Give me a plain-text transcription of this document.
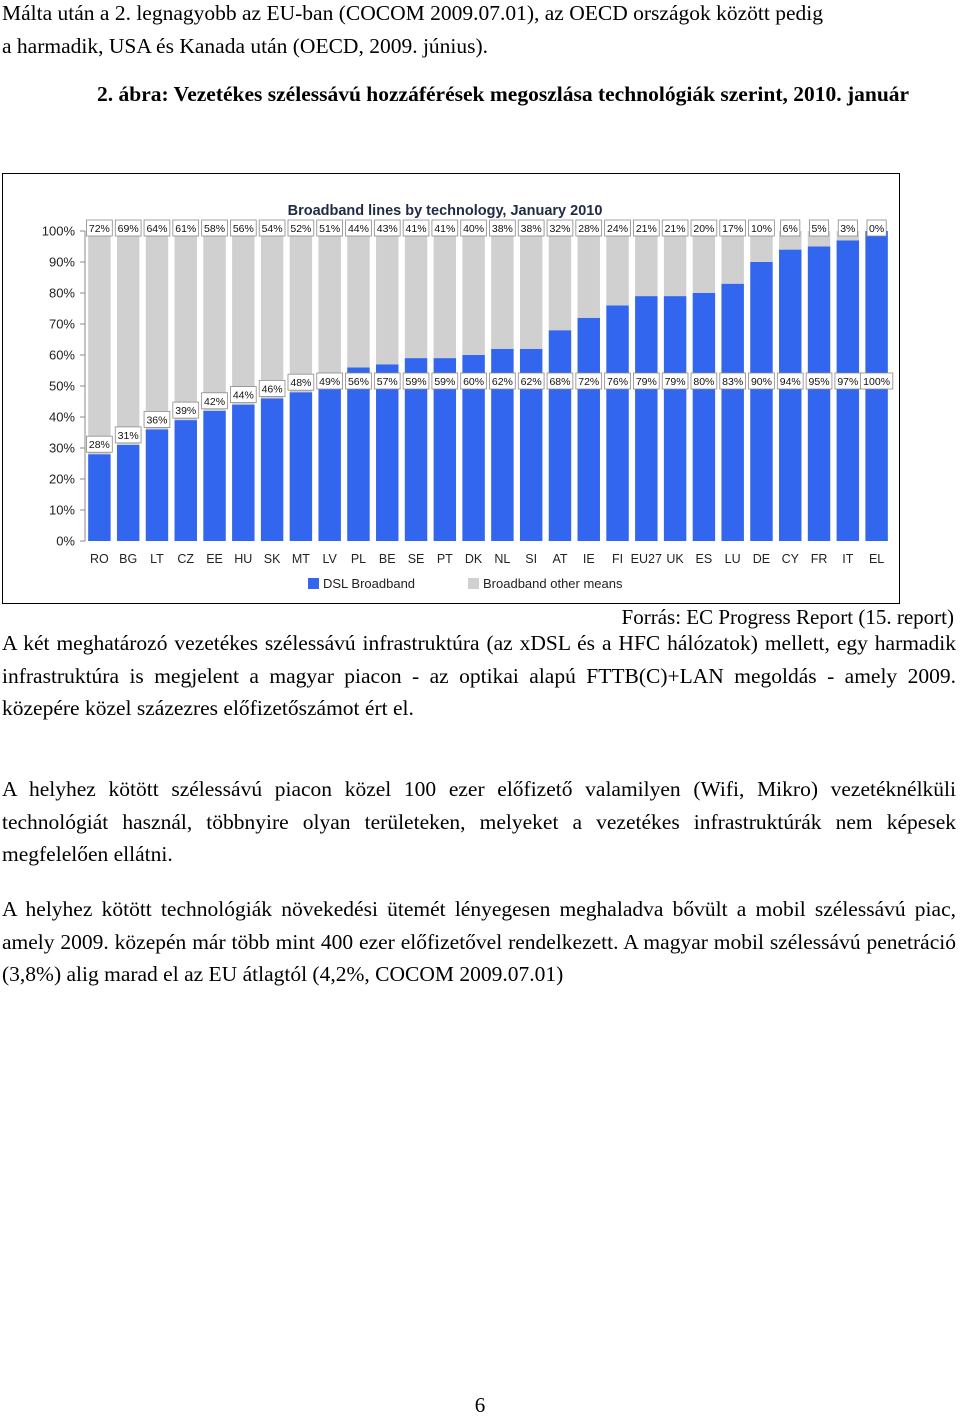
Málta után a 2. legnagyobb az EU-ban (COCOM 2009.07.01), az OECD országok között pedig
a harmadik, USA és Kanada után (OECD, 2009. június).
2. ábra: Vezetékes szélessávú hozzáférések megoszlása technológiák szerint, 2010. január
Broadband lines by technology, January 2010
0%
10%
20%
30%
40%
50%
60%
70%
80%
90%
100%
28%
72%
RO
31%
69%
BG
36%
64%
LT
39%
61%
CZ
42%
58%
EE
44%
56%
HU
46%
54%
SK
48%
52%
MT
49%
51%
LV
56%
44%
PL
57%
43%
BE
59%
41%
SE
59%
41%
PT
60%
40%
DK
62%
38%
NL
62%
38%
SI
68%
32%
AT
72%
28%
IE
76%
24%
FI
79%
21%
EU27
79%
21%
UK
80%
20%
ES
83%
17%
LU
90%
10%
DE
94%
6%
CY
95%
5%
FR
97%
3%
IT
100%
0%
EL
DSL Broadband	Broadband other means
Forrás: EC Progress Report (15. report)

A két meghatározó vezetékes szélessávú infrastruktúra (az xDSL és a HFC hálózatok) mellett, egy harmadik infrastruktúra is megjelent a magyar piacon - az optikai alapú FTTB(C)+LAN megoldás - amely 2009. közepére közel százezres előfizetőszámot ért el.

A helyhez kötött szélessávú piacon közel 100 ezer előfizető valamilyen (Wifi, Mikro) vezetéknélküli technológiát használ, többnyire olyan területeken, melyeket a vezetékes infrastruktúrák nem képesek megfelelően ellátni.

A helyhez kötött technológiák növekedési ütemét lényegesen meghaladva bővült a mobil szélessávú piac, amely 2009. közepén már több mint 400 ezer előfizetővel rendelkezett. A magyar mobil szélessávú penetráció (3,8%) alig marad el az EU átlagtól (4,2%, COCOM 2009.07.01)

6
